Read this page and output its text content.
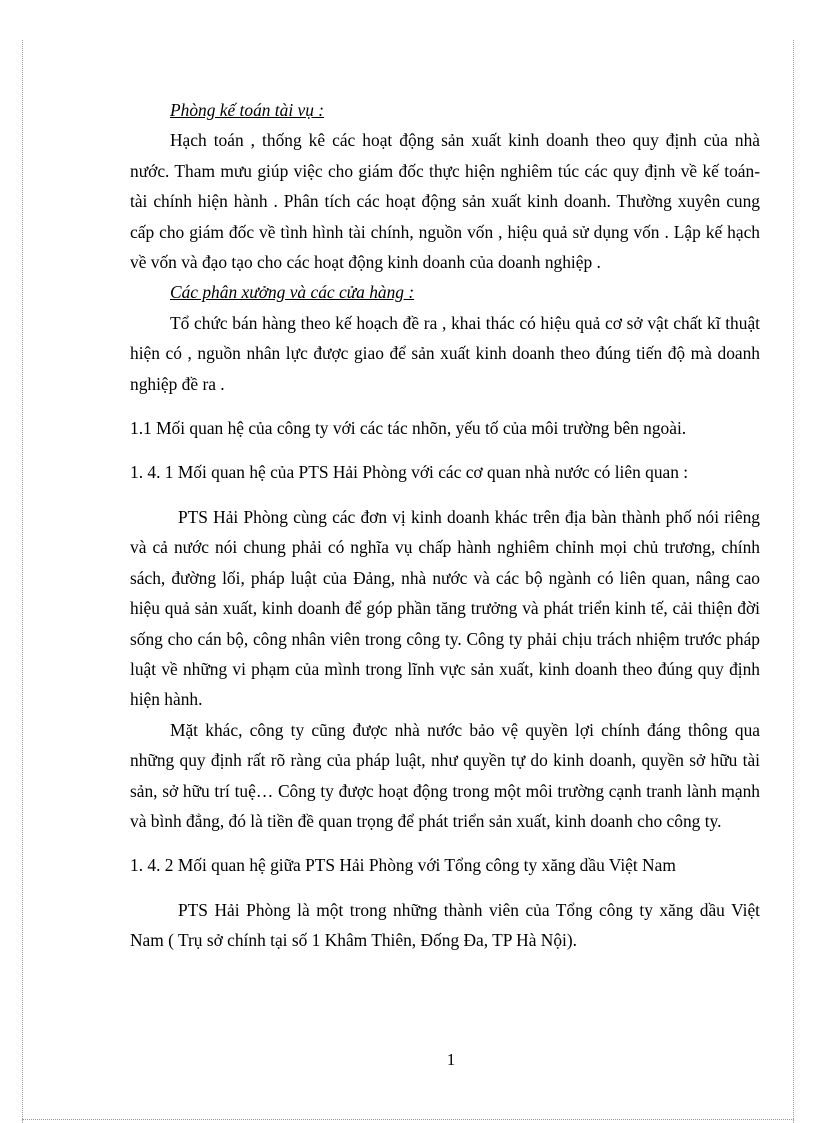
Phòng kế toán tài vụ :

Hạch toán , thống kê các hoạt động sản xuất kinh doanh theo quy định của nhà nước. Tham mưu giúp việc cho giám đốc thực hiện nghiêm túc các quy định về kế toán- tài chính hiện hành . Phân tích các hoạt động sản xuất kinh doanh. Thường xuyên cung cấp cho giám đốc về tình hình tài chính, nguồn vốn , hiệu quả sử dụng vốn . Lập kế hạch về vốn và đạo tạo cho các hoạt động kinh doanh của doanh nghiệp .

Các phân xưởng và các cửa hàng :

Tổ chức bán hàng theo kế hoạch đề ra , khai thác có hiệu quả cơ sở vật chất kĩ thuật hiện có , nguồn nhân lực được giao để sản xuất kinh doanh theo đúng tiến độ mà doanh nghiệp đề ra .

1.1 Mối quan hệ của công ty với các tác nhõn, yếu tố của môi trường bên ngoài.

1. 4. 1 Mối quan hệ của PTS Hải Phòng với các cơ quan nhà nước có liên quan :

PTS Hải Phòng cùng các đơn vị kinh doanh khác trên địa bàn thành phố nói riêng và cả nước nói chung phải có nghĩa vụ chấp hành nghiêm chỉnh mọi chủ trương, chính sách, đường lối, pháp luật của Đảng, nhà nước và các bộ ngành có liên quan, nâng cao hiệu quả sản xuất, kinh doanh để góp phần tăng trưởng và phát triển kinh tế, cải thiện đời sống cho cán bộ, công nhân viên trong công ty. Công ty phải chịu trách nhiệm trước pháp luật về những vi phạm của mình trong lĩnh vực sản xuất, kinh doanh theo đúng quy định hiện hành.

Mặt khác, công ty cũng được nhà nước bảo vệ quyền lợi chính đáng thông qua những quy định rất rõ ràng của pháp luật, như quyền tự do kinh doanh, quyền sở hữu tài sản, sở hữu trí tuệ… Công ty được hoạt động trong một môi trường cạnh tranh lành mạnh và bình đẳng, đó là tiền đề quan trọng để phát triển sản xuất, kinh doanh cho công ty.

1. 4. 2 Mối quan hệ giữa PTS Hải Phòng với Tổng công ty xăng dầu Việt Nam

PTS Hải Phòng là một trong những thành viên của Tổng công ty xăng dầu Việt Nam ( Trụ sở chính tại số 1 Khâm Thiên, Đống Đa, TP Hà Nội).

1
